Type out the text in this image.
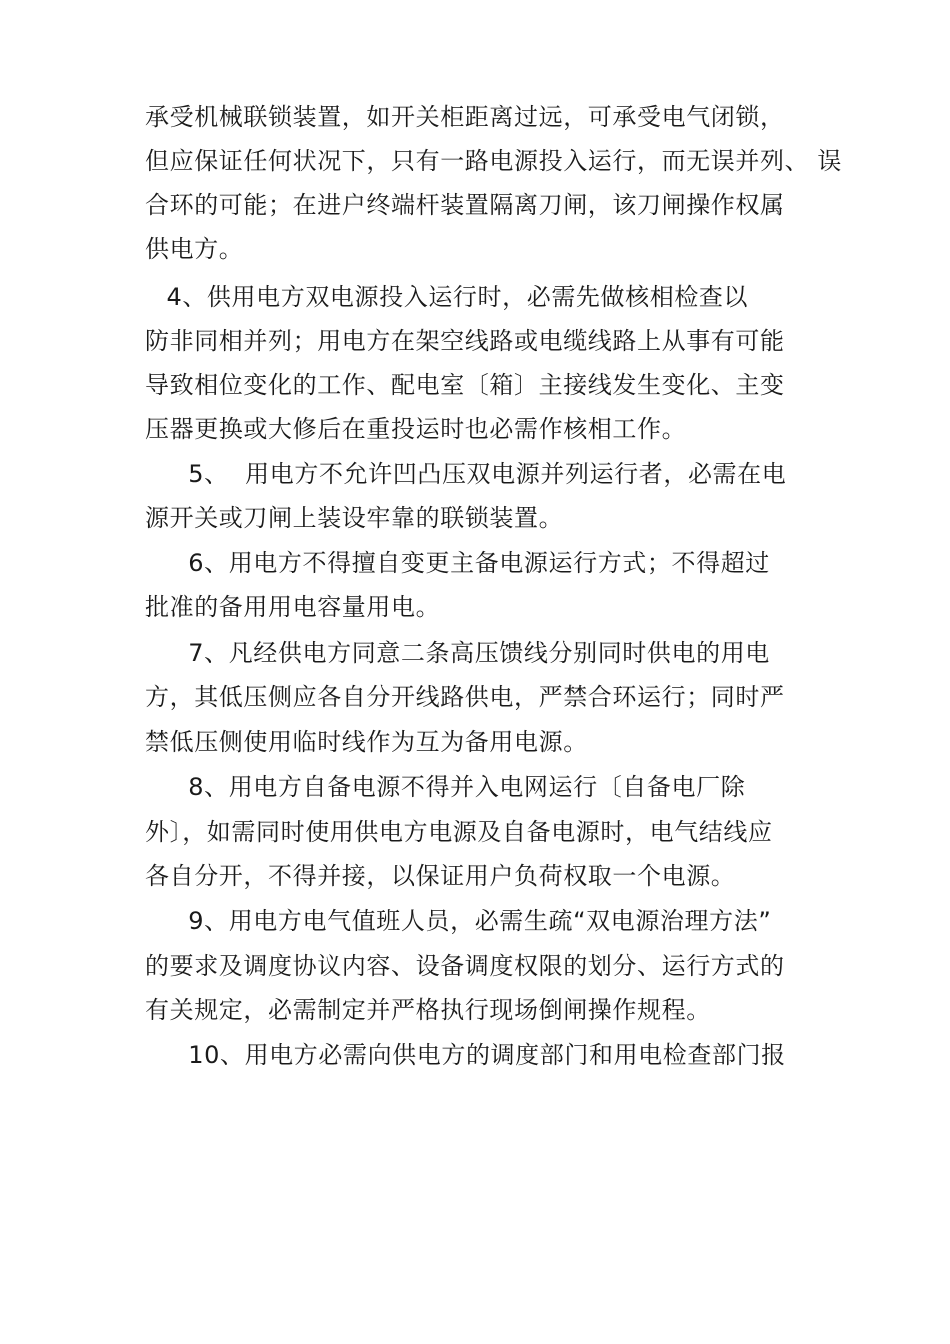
承受机械联锁装置，如开关柜距离过远，可承受电气闭锁，
但应保证任何状况下，只有一路电源投入运行，而无误并列、 误
合环的可能；在进户终端杆装置隔离刀闸，该刀闸操作权属
供电方。
4、供用电方双电源投入运行时，必需先做核相检查以
防非同相并列；用电方在架空线路或电缆线路上从事有可能
导致相位变化的工作、配电室〔箱〕主接线发生变化、主变
压器更换或大修后在重投运时也必需作核相工作。
5、  用电方不允许凹凸压双电源并列运行者，必需在电
源开关或刀闸上装设牢靠的联锁装置。
6、用电方不得擅自变更主备电源运行方式；不得超过
批准的备用用电容量用电。
7、凡经供电方同意二条高压馈线分别同时供电的用电
方，其低压侧应各自分开线路供电，严禁合环运行；同时严
禁低压侧使用临时线作为互为备用电源。
8、用电方自备电源不得并入电网运行〔自备电厂除
外〕，如需同时使用供电方电源及自备电源时，电气结线应
各自分开，不得并接，以保证用户负荷权取一个电源。
9、用电方电气值班人员，必需生疏“双电源治理方法”
的要求及调度协议内容、设备调度权限的划分、运行方式的
有关规定，必需制定并严格执行现场倒闸操作规程。
10、用电方必需向供电方的调度部门和用电检查部门报
